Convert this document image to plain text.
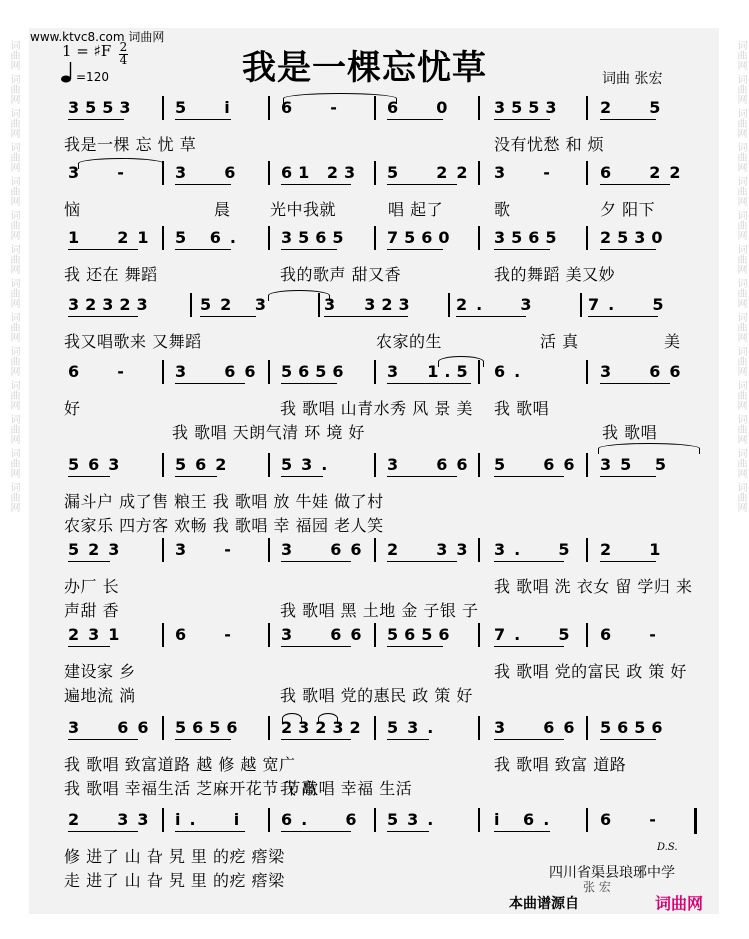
词曲网
词曲网
词曲网
词曲网
词曲网
词曲网
词曲网
词曲网
词曲网
词曲网
词曲网
词曲网
词曲网
词曲网
词曲网
词曲网
词曲网
词曲网
词曲网
词曲网
词曲网
词曲网
词曲网
词曲网
词曲网
词曲网
词曲网
词曲网
www.ktvc8.com 词曲网
我是一棵忘忧草
1 = ♯F 2
4
=120	词曲 张宏
3553 5  i	6  -	6  0 3553 2  5
我是一棵 忘 忧 草	没有忧愁 和 烦
3  -	3  6 61 23 5  22 3  -	6  22
恼	晨 光中我就	唱 起了	歌	夕 阳下
1  21 5 6. 3565 7560 3565 2530
我 还在 舞蹈	我的歌声 甜又香	我的舞蹈 美又妙
32323	52 3	3  323	2.  3	7.  5
我又唱歌来 又舞蹈	农家的生	活 真	美
6  -	3  66 5656 3  1.5 6.	3  66
好	我 歌唱 山青水秀 风 景 美 我 歌唱
我 歌唱 天朗气清 环 境 好	我 歌唱
563	562	53.	3  66 5  66 35 5
漏斗户 成了售 粮王 我 歌唱 放 牛娃 做了村
农家乐 四方客 欢畅 我 歌唱 幸 福园 老人笑
523	3  -	3  66 2  33 3.  5 2  1
办厂 长	我 歌唱 洗 衣女 留 学归 来
声甜 香	我 歌唱 黑 土地 金 子银 子
231	6  -	3  66 5656 7.  5 6  -
建设家 乡	我 歌唱 党的富民 政 策 好
遍地流 淌	我 歌唱 党的惠民 政 策 好
3  66 5656 23232 53.	3  66 5656
我 歌唱 致富道路 越 修 越 宽广	我 歌唱 致富 道路
我 歌唱 幸福生活 芝麻开花节 节高
我 歌唱 幸福 生活
2  33 i.  i 6.  6 53.	i 6.	6  -
修 进了 山 旮 旯 里 的疙 瘩梁
走 进了 山 旮 旯 里 的疙 瘩梁
D.S.
四川省渠县琅琊中学
张 宏
本曲谱源自	词曲网
